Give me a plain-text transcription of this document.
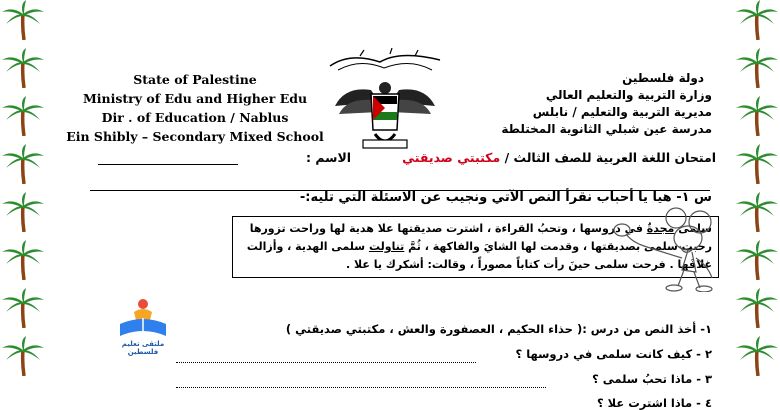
State of Palestine
Ministry of Edu and Higher Edu
Dir . of Education / Nablus
Ein Shibly – Secondary Mixed School
دولة فلسطين
وزارة التربية والتعليم العالي
مديرية التربية والتعليم / نابلس
مدرسة عين شبلي الثانوية المختلطة
امتحان اللغة العربية للصف الثالث / مكتبتي صديقتي
الاسم :
س ١- هيا يا أحباب نقرأ النص الآتي ونجيب عن الاسئلة التي تليه:-
سلمى مجدةٌ في دروسها ، وتحبُ القراءة ، اشترت صديقتها علا هدية لها وراحت تزورها
رحبت سلمى بصديقتها ، وقدمت لها الشايَ والفاكهة ، ثُمَّ تناولت سلمى الهدية ، وأزالت
غلافَها . فرحت سلمى حينَ رأت كتاباً مصوراً ، وقالت: أشكرك يا علا .
ملتقى تعليم فلسطين
١- أخذ النص من درس :( حذاء الحكيم ، العصفورة والعش ، مكتبتي صديقتي )
٢ - كيف كانت سلمى في دروسها ؟
٣ - ماذا تحبُ سلمى ؟
٤ - ماذا اشترت علا ؟
